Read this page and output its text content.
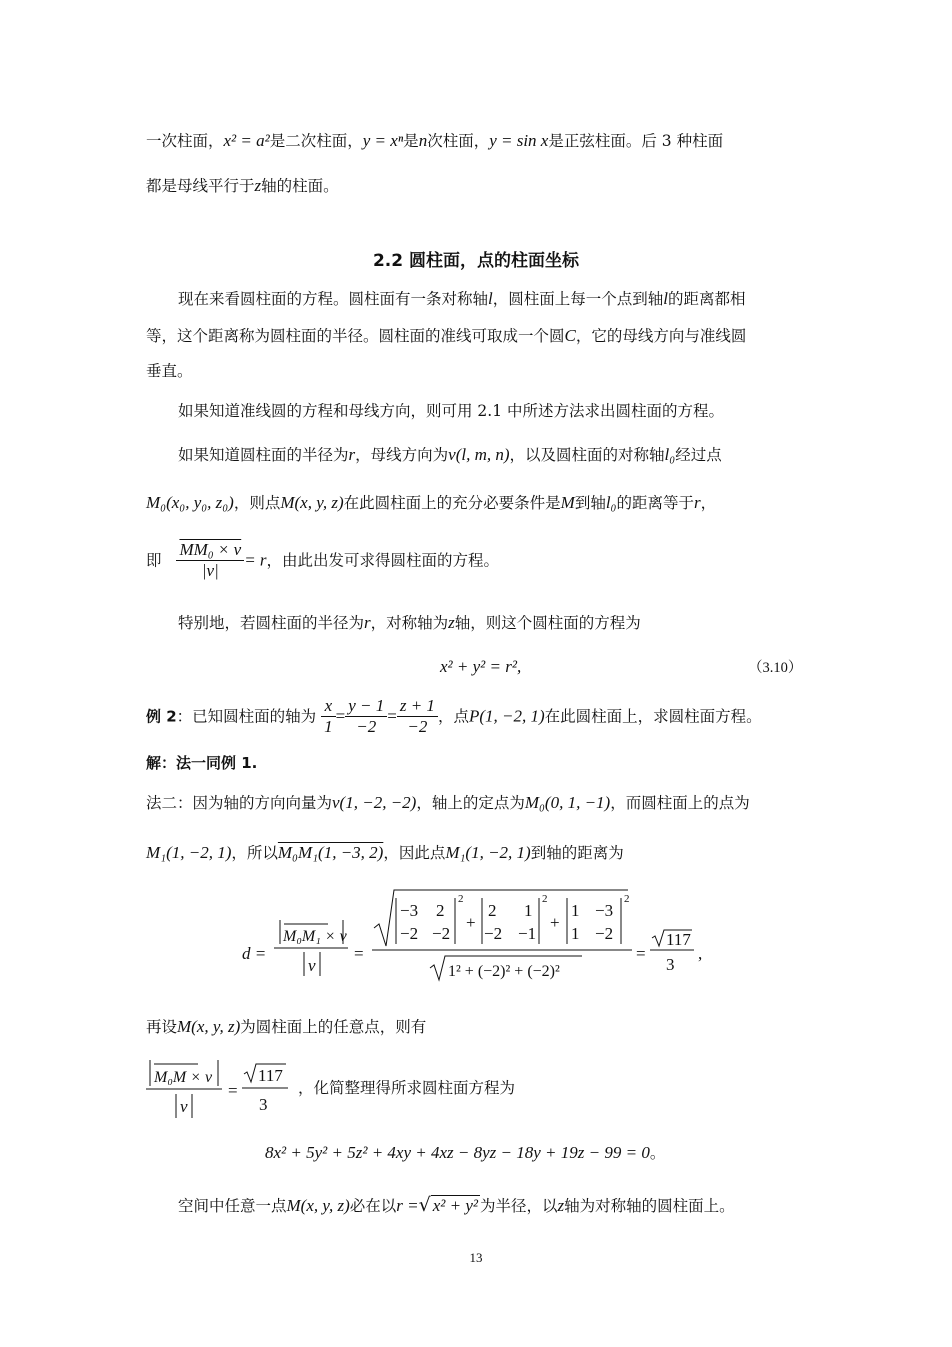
一次柱面，x² = a²是二次柱面，y = xⁿ是n次柱面，y = sin x是正弦柱面。后 3 种柱面
都是母线平行于z轴的柱面。
2.2 圆柱面，点的柱面坐标
现在来看圆柱面的方程。圆柱面有一条对称轴l，圆柱面上每一个点到轴l的距离都相
等，这个距离称为圆柱面的半径。圆柱面的准线可取成一个圆C，它的母线方向与准线圆
垂直。
如果知道准线圆的方程和母线方向，则可用 2.1 中所述方法求出圆柱面的方程。
如果知道圆柱面的半径为r，母线方向为v(l, m, n)，以及圆柱面的对称轴l₀经过点
M₀(x₀, y₀, z₀)，则点M(x, y, z)在此圆柱面上的充分必要条件是M到轴l₀的距离等于r，
即 $\frac{\text{MM₀ × v}}{|v|} = r$，由此出发可求得圆柱面的方程。
特别地，若圆柱面的半径为r，对称轴为z轴，则这个圆柱面的方程为
x² + y² = r²,	（3.10）
例 2：已知圆柱面的轴为 $\frac{x}{1} = \frac{y - 1}{-2} = \frac{z + 1}{-2}$ ，点P(1, −2, 1)在此圆柱面上，求圆柱面方程。
解：法一同例 1.
法二：因为轴的方向向量为v(1, −2, −2)，轴上的定点为M₀(0, 1, −1)，而圆柱面上的点为
M₁(1, −2, 1)，所以M₀M₁(1, −3, 2)，因此点M₁(1, −2, 1)到轴的距离为
d =
M₀M₁ × v
v
=
−3 2
−2 −2
2
+
2 1
−2 −1
2
+
1 −3
1 −2
2
1² + (−2)² + (−2)²
=
117
3
,
再设M(x, y, z)为圆柱面上的任意点，则有
M₀M × v
v
=
117
3
，化简整理得所求圆柱面方程为
8x² + 5y² + 5z² + 4xy + 4xz − 8yz − 18y + 19z − 99 = 0。
空间中任意一点M(x, y, z)必在以r =√ x² + y² 为半径，以z轴为对称轴的圆柱面上。
13
